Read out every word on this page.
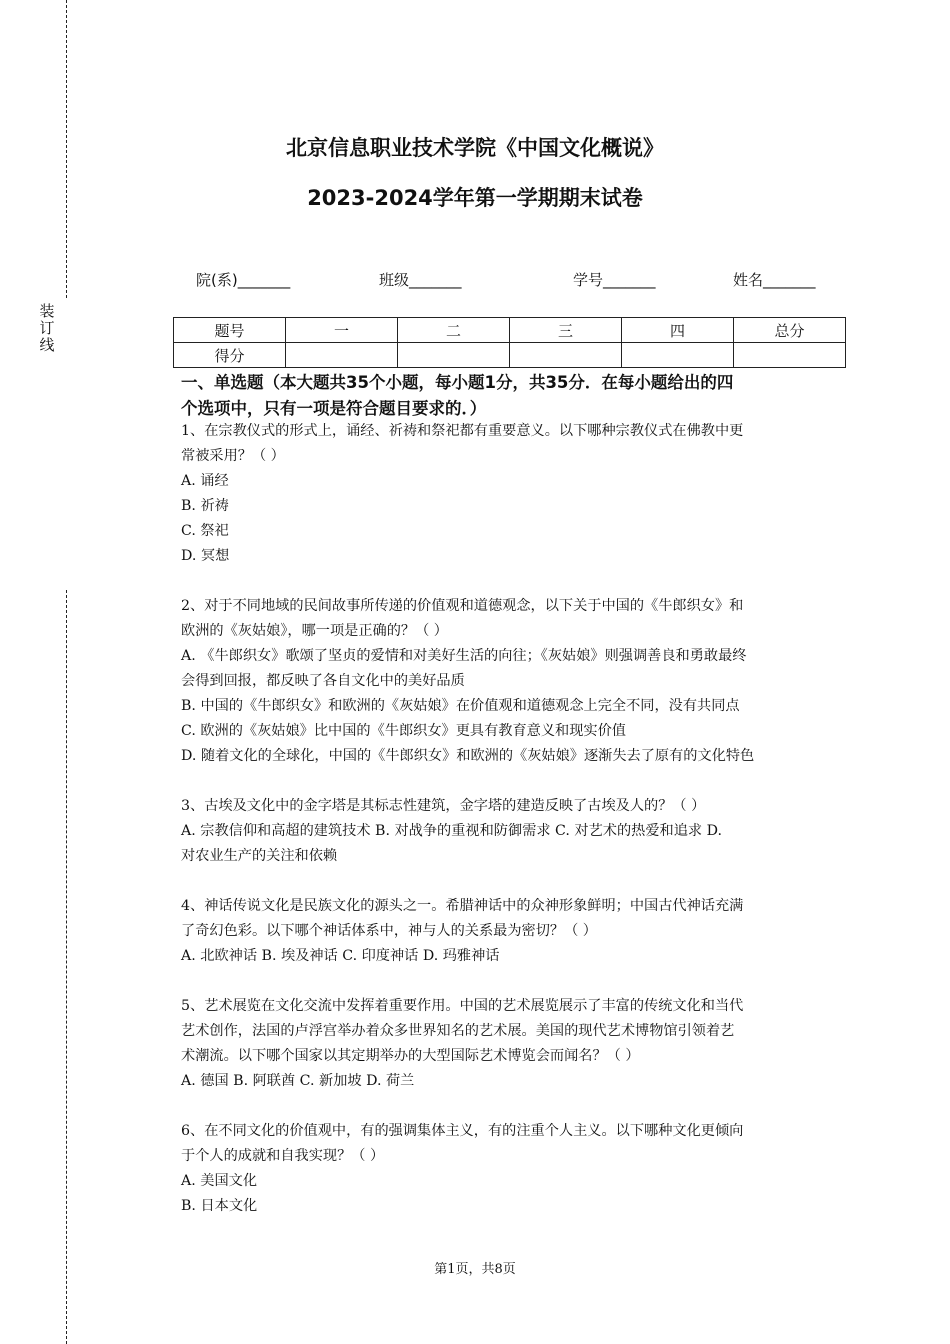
装
订
线
北京信息职业技术学院《中国文化概说》
2023-2024学年第一学期期末试卷
院(系)_______	班级_______	学号_______	姓名_______
题号	一	二	三	四	总分
得分					
一、单选题（本大题共35个小题，每小题1分，共35分．在每小题给出的四
个选项中，只有一项是符合题目要求的．）
1、在宗教仪式的形式上，诵经、祈祷和祭祀都有重要意义。以下哪种宗教仪式在佛教中更
常被采用？（ ）
A. 诵经
B. 祈祷
C. 祭祀
D. 冥想
2、对于不同地域的民间故事所传递的价值观和道德观念，以下关于中国的《牛郎织女》和
欧洲的《灰姑娘》，哪一项是正确的？（ ）
A. 《牛郎织女》歌颂了坚贞的爱情和对美好生活的向往；《灰姑娘》则强调善良和勇敢最终
会得到回报，都反映了各自文化中的美好品质
B. 中国的《牛郎织女》和欧洲的《灰姑娘》在价值观和道德观念上完全不同，没有共同点
C. 欧洲的《灰姑娘》比中国的《牛郎织女》更具有教育意义和现实价值
D. 随着文化的全球化，中国的《牛郎织女》和欧洲的《灰姑娘》逐渐失去了原有的文化特色
3、古埃及文化中的金字塔是其标志性建筑，金字塔的建造反映了古埃及人的？（ ）
A. 宗教信仰和高超的建筑技术 B. 对战争的重视和防御需求 C. 对艺术的热爱和追求 D.
对农业生产的关注和依赖
4、神话传说文化是民族文化的源头之一。希腊神话中的众神形象鲜明；中国古代神话充满
了奇幻色彩。以下哪个神话体系中，神与人的关系最为密切？（ ）
A. 北欧神话 B. 埃及神话 C. 印度神话 D. 玛雅神话
5、艺术展览在文化交流中发挥着重要作用。中国的艺术展览展示了丰富的传统文化和当代
艺术创作，法国的卢浮宫举办着众多世界知名的艺术展。美国的现代艺术博物馆引领着艺
术潮流。以下哪个国家以其定期举办的大型国际艺术博览会而闻名？（ ）
A. 德国 B. 阿联酋 C. 新加坡 D. 荷兰
6、在不同文化的价值观中，有的强调集体主义，有的注重个人主义。以下哪种文化更倾向
于个人的成就和自我实现？（ ）
A. 美国文化
B. 日本文化
第1页，共8页
